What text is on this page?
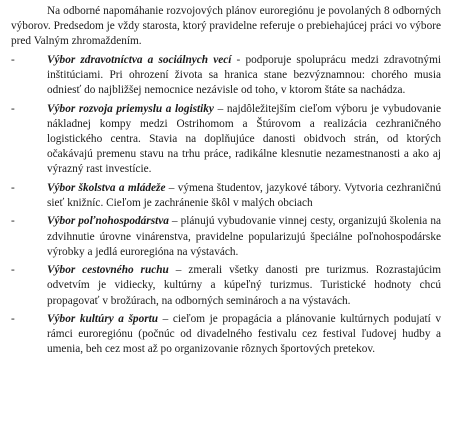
Na odborné napomáhanie rozvojových plánov euroregiónu je povolaných 8 odborných výborov. Predsedom je vždy starosta, ktorý pravidelne referuje o prebiehajúcej práci vo výbore pred Valným zhromaždením.

-	Výbor zdravotníctva a sociálnych vecí - podporuje spoluprácu medzi zdravotnými inštitúciami. Pri ohrození života sa hranica stane bezvýznamnou: chorého musia odniesť do najbližšej nemocnice nezávisle od toho, v ktorom štáte sa nachádza.

-	Výbor rozvoja priemyslu a logistiky – najdôležitejším cieľom výboru je vybudovanie nákladnej kompy medzi Ostrihomom a Štúrovom a realizácia cezhraničného logistického centra. Stavia na doplňujúce danosti obidvoch strán, od ktorých očakávajú premenu stavu na trhu práce, radikálne klesnutie nezamestnanosti a ako aj výrazný rast investície.

-	Výbor školstva a mládeže – výmena študentov, jazykové tábory. Vytvoria cezhraničnú sieť knižníc. Cieľom je zachránenie škôl v malých obciach

-	Výbor poľnohospodárstva – plánujú vybudovanie vinnej cesty, organizujú školenia na zdvihnutie úrovne vinárenstva, pravidelne popularizujú špeciálne poľnohospodárske výrobky a jedlá euroregióna na výstavách.

-	Výbor cestovného ruchu – zmerali všetky danosti pre turizmus. Rozrastajúcim odvetvím je vidiecky, kultúrny a kúpeľný turizmus. Turistické hodnoty chcú propagovať v brožúrach, na odborných seminároch a na výstavách.

-	Výbor kultúry a športu – cieľom je propagácia a plánovanie kultúrnych podujatí v rámci euroregiónu (počnúc od divadelného festivalu cez festival ľudovej hudby a umenia, beh cez most až po organizovanie rôznych športových pretekov.
